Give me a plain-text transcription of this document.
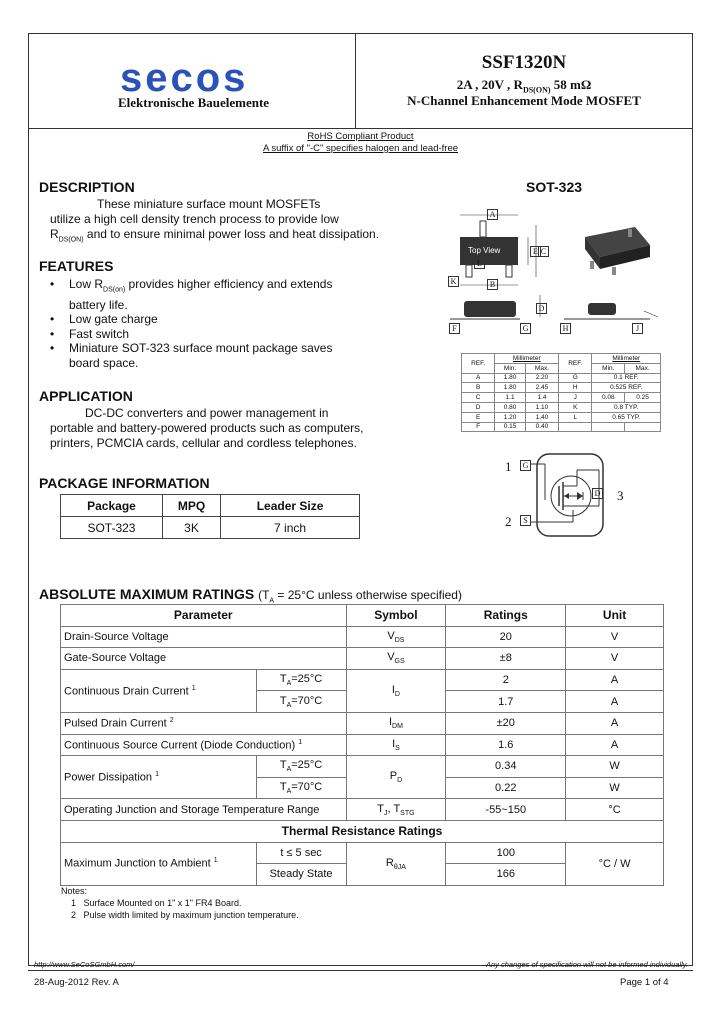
secos
Elektronische Bauelemente
SSF1320N
2A , 20V , $R_{DS(ON)}$ 58 mΩ
N-Channel Enhancement Mode MOSFET
RoHS Compliant Product
A suffix of "-C" specifies halogen and lead-free
DESCRIPTION
These miniature surface mount MOSFETs
utilize a high cell density trench process to provide low
$R_{DS(ON)}$ and to ensure minimal power loss and heat dissipation.
FEATURES
• Low $R_{DS(on)}$ provides higher efficiency and extends
battery life.
• Low gate charge
• Fast switch
• Miniature SOT-323 surface mount package saves
board space.
APPLICATION
DC-DC converters and power management in
portable and battery-powered products such as computers,
printers, PCMCIA cards, cellular and cordless telephones.
PACKAGE INFORMATION
Package	MPQ	Leader Size
SOT-323	3K	7 inch
SOT-323
Top View
A
B
E C
D
K
F	G	H	J
L
REF.	Millimeter		REF.	Millimeter	
	Min.	Max.		Min.	Max.
A	1.80	2.20	G	0.1 REF.	
B	1.80	2.45	H	0.525 REF.	
C	1.1	1.4	J	0.08	0.25
D	0.80	1.10	K	0.8 TYP.	
E	1.20	1.40	L	0.65 TYP.	
F	0.15	0.40			
1
2
3
G
S
D
ABSOLUTE MAXIMUM RATINGS ($T_A = 25^\circ C$ unless otherwise specified)
Parameter		Symbol	Ratings	Unit
Drain-Source Voltage		$V_{DS}$	20	V
Gate-Source Voltage		$V_{GS}$	±8	V
Continuous Drain Current $^1$	$T_A=25^\circ C$	$I_D$	2	A
	$T_A=70^\circ C$		1.7	A
Pulsed Drain Current $^2$		$I_{DM}$	±20	A
Continuous Source Current (Diode Conduction) $^1$		$I_S$	1.6	A
Power Dissipation $^1$	$T_A=25^\circ C$	$P_D$	0.34	W
	$T_A=70^\circ C$		0.22	W
Operating Junction and Storage Temperature Range		$T_J$, $T_{STG}$	-55~150	°C
Thermal Resistance Ratings				
Maximum Junction to Ambient $^1$	t ≤ 5 sec	$R_{\theta JA}$	100	°C / W
	Steady State		166	
Notes:
1 Surface Mounted on 1" x 1" FR4 Board.
2 Pulse width limited by maximum junction temperature.
http://www.SeCoSGmbH.com/	Any changes of specification will not be informed individually.
28-Aug-2012 Rev. A	Page 1 of 4
